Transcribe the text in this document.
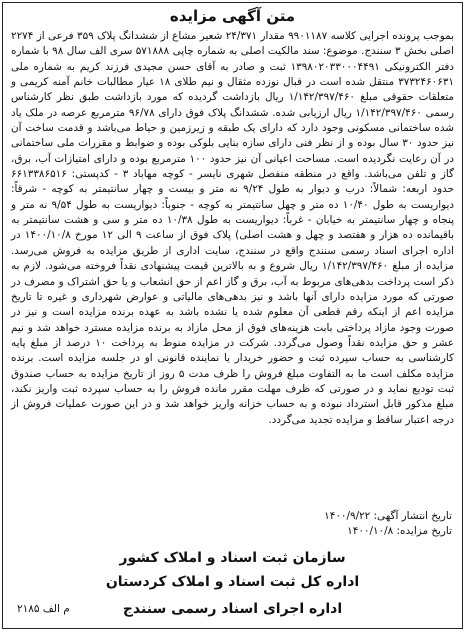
متن آگهی مزایده

بموجب پرونده اجرایی کلاسه ۹۹۰۱۱۸۷ مقدار ۲۴/۳۷۱ شعیر مشاع از ششدانگ پلاک ۳۵۹ فرعی از ۲۲۷۴ اصلی بخش ۳ سنندج. موضوع: سند مالکیت اصلی به شماره چاپی ۵۷۱۸۸۸ سری الف سال ۹۸ با شماره دفتر الکترونیکی ۱۳۹۸۰۲۰۳۳۰۰۰۴۴۹۱ ثبت و صادر به آقای حسن مجیدی فرزند کریم به شماره ملی ۳۷۳۲۴۶۰۶۳۱ منتقل شده است در قبال نوزده مثقال و نیم طلای ۱۸ عیار مطالبات خانم آمنه کریمی و متعلقات حقوقی مبلغ ۱/۱۴۲/۳۹۷/۴۶۰ ریال بازداشت گردیده که مورد بازداشت طبق نظر کارشناس رسمی ۱/۱۴۲/۳۹۷/۴۶۰ ریال ارزیابی شده. ششدانگ پلاک فوق دارای ۹۶/۷۸ مترمربع عرصه در ملک یاد شده ساختمانی مسکونی وجود دارد که دارای یک طبقه و زیرزمین و حیاط می‌باشد و قدمت ساخت آن نیز حدود ۳۰ سال بوده و از نظر فنی دارای سازه بنایی بلوکی بوده و ضوابط و مقررات ملی ساختمانی در آن رعایت نگردیده است. مساحت اعیانی آن نیز حدود ۱۰۰ مترمربع بوده و دارای امتیازات آب، برق، گاز و تلفن می‌باشد. واقع در منطقه منفصل شهری نایسر - کوچه مهاباد ۳ - کدپستی: ۶۶۱۳۳۸۶۵۱۶ حدود اربعه: شمالاً: درب و دیوار به طول ۹/۲۴ نه متر و بیست و چهار سانتیمتر به کوچه - شرقاً: دیواریست به طول ۱۰/۴۰ ده متر و چهل سانتیمتر به کوچه - جنوباً: دیواریست به طول ۹/۵۴ نه متر و پنجاه و چهار سانتیمتر به خیابان - غرباً: دیواریست به طول ۱۰/۳۸ ده متر و سی و هشت سانتیمتر به باقیمانده ده هزار و هفتصد و چهل و هشت اصلی) پلاک فوق از ساعت ۹ الی ۱۲ مورخ ۱۴۰۰/۱۰/۸ در اداره اجرای اسناد رسمی سنندج واقع در سنندج، سایت اداری از طریق مزایده به فروش می‌رسد. مزایده از مبلغ ۱/۱۴۲/۳۹۷/۴۶۰ ریال شروع و به بالاترین قیمت پیشنهادی نقداً فروخته می‌شود. لازم به ذکر است پرداخت بدهی‌های مربوط به آب، برق و گاز اعم از حق انشعاب و یا حق اشتراک و مصرف در صورتی که مورد مزایده دارای آنها باشد و نیز بدهی‌های مالیاتی و عوارض شهرداری و غیره تا تاریخ مزایده اعم از اینکه رقم قطعی آن معلوم شده یا نشده باشد به عهده برنده مزایده است و نیز در صورت وجود مازاد پرداختی بابت هزینه‌های فوق از محل مازاد به برنده مزایده مسترد خواهد شد و نیم عشر و حق مزایده نقداً وصول می‌گردد. شرکت در مزایده منوط به پرداخت ۱۰ درصد از مبلغ پایه کارشناسی به حساب سپرده ثبت و حضور خریدار یا نماینده قانونی او در جلسه مزایده است. برنده مزایده مکلف است ما به التفاوت مبلغ فروش را ظرف مدت ۵ روز از تاریخ مزایده به حساب صندوق ثبت تودیع نماید و در صورتی که ظرف مهلت مقرر مانده فروش را به حساب سپرده ثبت واریز نکند، مبلغ مذکور قابل استرداد نبوده و به حساب خزانه واریز خواهد شد و در این صورت عملیات فروش از درجه اعتبار ساقط و مزایده تجدید می‌گردد.

تاریخ انتشار آگهی: ۱۴۰۰/۹/۲۲
تاریخ مزایده: ۱۴۰۰/۱۰/۸
سازمان ثبت اسناد و املاک کشور
اداره کل ثبت اسناد و املاک کردستان
اداره اجرای اسناد رسمی سنندج
م الف ۲۱۸۵
